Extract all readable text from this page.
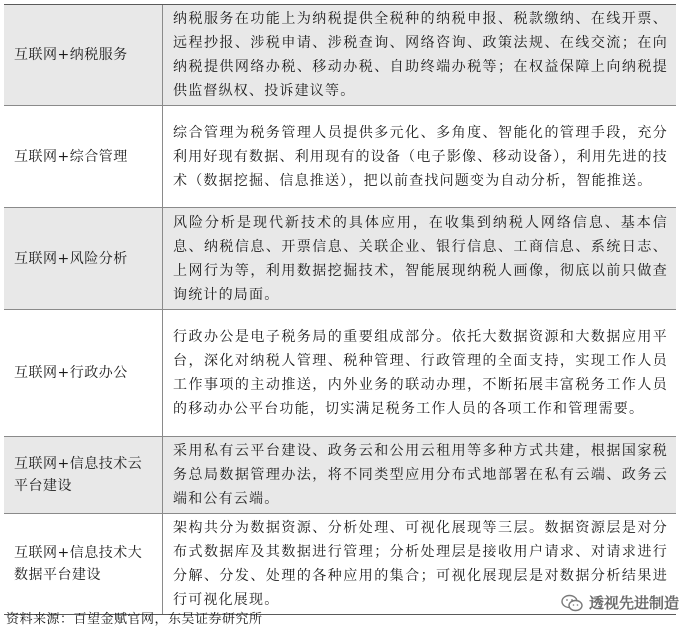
互联网+纳税服务
纳税服务在功能上为纳税提供全税种的纳税申报、税款缴纳、在线开票、远程抄报、涉税申请、涉税查询、网络咨询、政策法规、在线交流；在向纳税提供网络办税、移动办税、自助终端办税等；在权益保障上向纳税提供监督纵权、投诉建议等。
互联网+综合管理
综合管理为税务管理人员提供多元化、多角度、智能化的管理手段，充分利用好现有数据、利用现有的设备（电子影像、移动设备），利用先进的技术（数据挖掘、信息推送），把以前查找问题变为自动分析，智能推送。
互联网+风险分析
风险分析是现代新技术的具体应用，在收集到纳税人网络信息、基本信息、纳税信息、开票信息、关联企业、银行信息、工商信息、系统日志、上网行为等，利用数据挖掘技术，智能展现纳税人画像，彻底以前只做查询统计的局面。
互联网+行政办公
行政办公是电子税务局的重要组成部分。依托大数据资源和大数据应用平台，深化对纳税人管理、税种管理、行政管理的全面支持，实现工作人员工作事项的主动推送，内外业务的联动办理，不断拓展丰富税务工作人员的移动办公平台功能，切实满足税务工作人员的各项工作和管理需要。
互联网+信息技术云平台建设
采用私有云平台建设、政务云和公用云租用等多种方式共建，根据国家税务总局数据管理办法，将不同类型应用分布式地部署在私有云端、政务云端和公有云端。
互联网+信息技术大数据平台建设
架构共分为数据资源、分析处理、可视化展现等三层。数据资源层是对分布式数据库及其数据进行管理；分析处理层是接收用户请求、对请求进行分解、分发、处理的各种应用的集合；可视化展现层是对数据分析结果进行可视化展现。
资料来源：百望金赋官网，东吴证券研究所
透视先进制造
